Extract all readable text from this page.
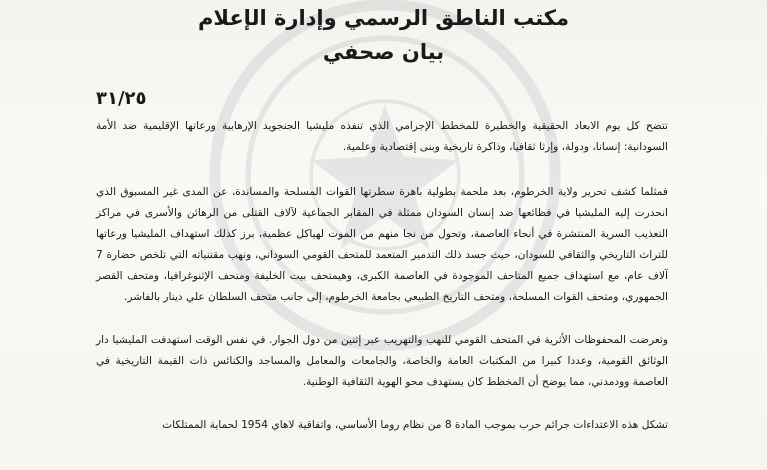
مكتب الناطق الرسمي وإدارة الإعلام
بيان صحفي
٣١/٢٥

تتضح كل يوم الابعاد الحقيقية والخطيرة للمخطط الإجرامي الذي تنفذه مليشيا الجنجويد الإرهابية ورعاتها الإقليمية ضد الأمة السودانية: إنسانا، ودولة، وإرثا ثقافيا، وذاكرة تاريخية وبنى إقتصادية وعلمية.

فمثلما كشف تحرير ولاية الخرطوم، بعد ملحمة بطولية باهرة سطرتها القوات المسلحة والمساندة، عن المدى غير المسبوق الذي انحدرت إليه المليشيا في فظائعها ضد إنسان السودان ممثلة في المقابر الجماعية لآلاف القتلى من الرهائن والأسرى في مراكز التعذيب السرية المنتشرة في أنحاء العاصمة، وتحول من نجا منهم من الموت لهياكل عظمية، برز كذلك استهداف المليشيا ورعاتها للتراث التاريخي والثقافي للسودان، حيث جسد ذلك التدمير المتعمد للمتحف القومي السوداني، ونهب مقتنياته التي تلخص حضارة 7 آلاف عام، مع استهداف جميع المتاحف الموجودة في العاصمة الكبرى، وهيمتحف بيت الخليفة ومتحف الإثنوغرافيا، ومتحف القصر الجمهوري، ومتحف القوات المسلحة، ومتحف التاريخ الطبيعي بجامعة الخرطوم، إلى جانب متحف السلطان علي دينار بالفاشر.

وتعرضت المحفوظات الأثرية في المتحف القومي للنهب والتهريب عبر إثنين من دول الجوار. في نفس الوقت استهدفت المليشيا دار الوثائق القومية، وعددا كبيرا من المكتبات العامة والخاصة، والجامعات والمعامل والمساجد والكنائس ذات القيمة التاريخية في العاصمة وودمدني، مما يوضح أن المخطط كان يستهدف محو الهوية الثقافية الوطنية.

تشكل هذه الاعتداءات جرائم حرب بموجب المادة 8 من نظام روما الأساسي، واتفاقية لاهاي 1954 لحماية الممتلكات
